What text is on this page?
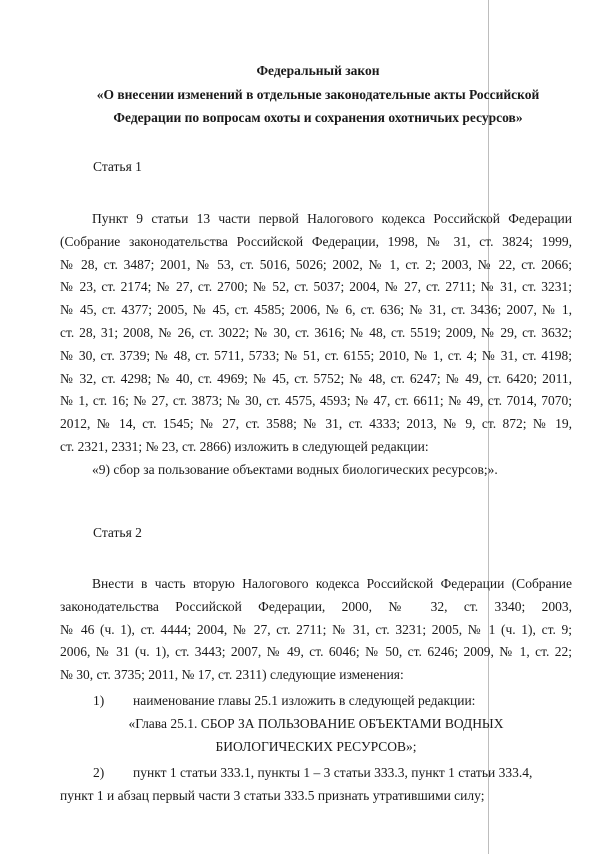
Федеральный закон
«О внесении изменений в отдельные законодательные акты Российской
Федерации по вопросам охоты и сохранения охотничьих ресурсов»
Статья 1
Пункт 9 статьи 13 части первой Налогового кодекса Российской Федерации
(Собрание законодательства Российской Федерации, 1998, № 31, ст. 3824; 1999,
№ 28, ст. 3487; 2001, № 53, ст. 5016, 5026; 2002, № 1, ст. 2; 2003, № 22, ст. 2066;
№ 23, ст. 2174; № 27, ст. 2700; № 52, ст. 5037; 2004, № 27, ст. 2711; № 31, ст. 3231;
№ 45, ст. 4377; 2005, № 45, ст. 4585; 2006, № 6, ст. 636; № 31, ст. 3436; 2007, № 1,
ст. 28, 31; 2008, № 26, ст. 3022; № 30, ст. 3616; № 48, ст. 5519; 2009, № 29, ст. 3632;
№ 30, ст. 3739; № 48, ст. 5711, 5733; № 51, ст. 6155; 2010, № 1, ст. 4; № 31, ст. 4198;
№ 32, ст. 4298; № 40, ст. 4969; № 45, ст. 5752; № 48, ст. 6247; № 49, ст. 6420; 2011,
№ 1, ст. 16; № 27, ст. 3873; № 30, ст. 4575, 4593; № 47, ст. 6611; № 49, ст. 7014, 7070;
2012, № 14, ст. 1545; № 27, ст. 3588; № 31, ст. 4333; 2013, № 9, ст. 872; № 19,
ст. 2321, 2331; № 23, ст. 2866) изложить в следующей редакции:
«9) сбор за пользование объектами водных биологических ресурсов;».
Статья 2
Внести в часть вторую Налогового кодекса Российской Федерации (Собрание
законодательства Российской Федерации, 2000, № 32, ст. 3340; 2003,
№ 46 (ч. 1), ст. 4444; 2004, № 27, ст. 2711; № 31, ст. 3231; 2005, № 1 (ч. 1), ст. 9;
2006, № 31 (ч. 1), ст. 3443; 2007, № 49, ст. 6046; № 50, ст. 6246; 2009, № 1, ст. 22;
№ 30, ст. 3735; 2011, № 17, ст. 2311) следующие изменения:
1) наименование главы 25.1 изложить в следующей редакции:
«Глава 25.1. СБОР ЗА ПОЛЬЗОВАНИЕ ОБЪЕКТАМИ ВОДНЫХ
БИОЛОГИЧЕСКИХ РЕСУРСОВ»;
2) пункт 1 статьи 333.1, пункты 1 – 3 статьи 333.3, пункт 1 статьи 333.4,
пункт 1 и абзац первый части 3 статьи 333.5 признать утратившими силу;
